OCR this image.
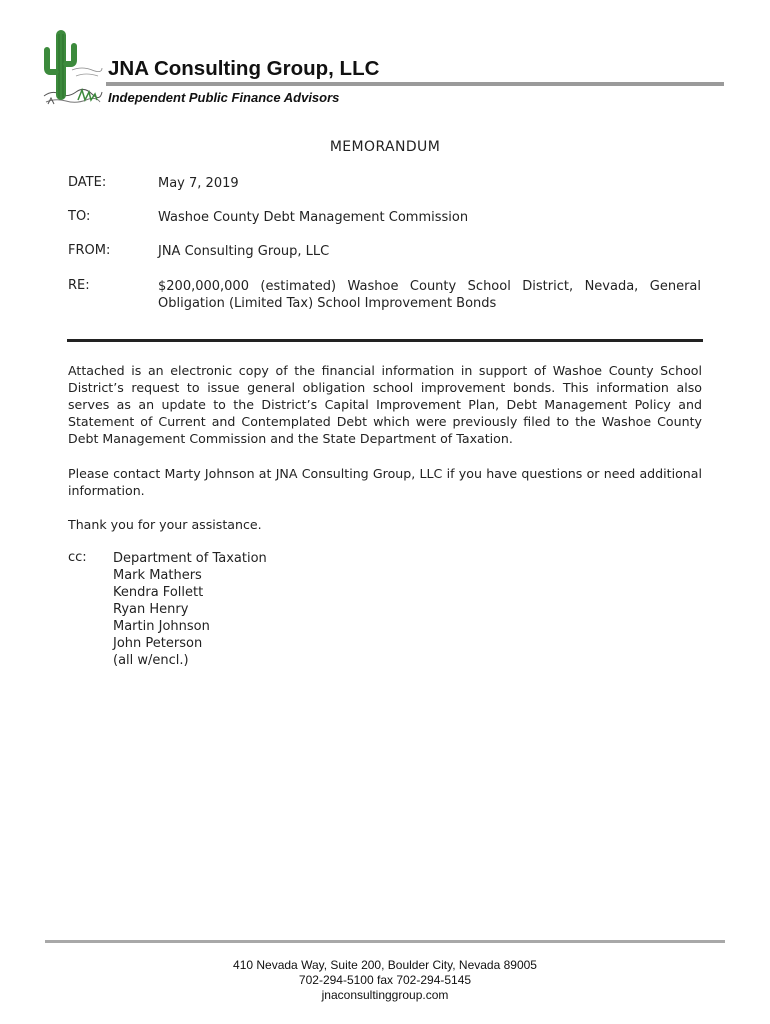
JNA Consulting Group, LLC
Independent Public Finance Advisors
MEMORANDUM
DATE:	May 7, 2019
TO:	Washoe County Debt Management Commission
FROM:	JNA Consulting Group, LLC
RE:	$200,000,000 (estimated) Washoe County School District, Nevada, General Obligation (Limited Tax) School Improvement Bonds
Attached is an electronic copy of the financial information in support of Washoe County School District’s request to issue general obligation school improvement bonds. This information also serves as an update to the District’s Capital Improvement Plan, Debt Management Policy and Statement of Current and Contemplated Debt which were previously filed to the Washoe County Debt Management Commission and the State Department of Taxation.
Please contact Marty Johnson at JNA Consulting Group, LLC if you have questions or need additional information.
Thank you for your assistance.
cc: Department of Taxation
Mark Mathers
Kendra Follett
Ryan Henry
Martin Johnson
John Peterson
(all w/encl.)
410 Nevada Way, Suite 200, Boulder City, Nevada 89005
702-294-5100 fax 702-294-5145
jnaconsultinggroup.com
